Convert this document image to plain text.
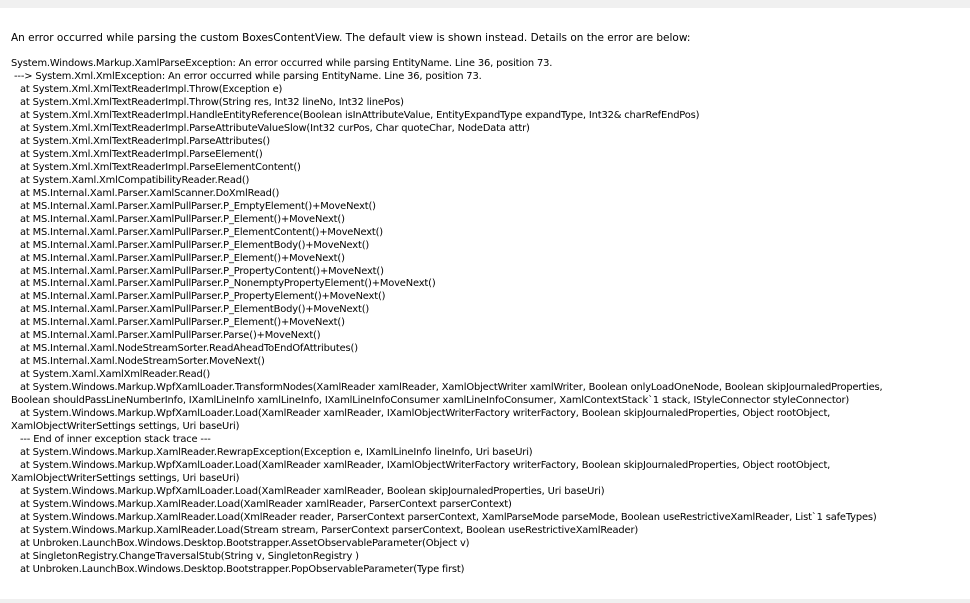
An error occurred while parsing the custom BoxesContentView. The default view is shown instead. Details on the error are below:
System.Windows.Markup.XamlParseException: An error occurred while parsing EntityName. Line 36, position 73.
---> System.Xml.XmlException: An error occurred while parsing EntityName. Line 36, position 73.
at System.Xml.XmlTextReaderImpl.Throw(Exception e)
at System.Xml.XmlTextReaderImpl.Throw(String res, Int32 lineNo, Int32 linePos)
at System.Xml.XmlTextReaderImpl.HandleEntityReference(Boolean isInAttributeValue, EntityExpandType expandType, Int32& charRefEndPos)
at System.Xml.XmlTextReaderImpl.ParseAttributeValueSlow(Int32 curPos, Char quoteChar, NodeData attr)
at System.Xml.XmlTextReaderImpl.ParseAttributes()
at System.Xml.XmlTextReaderImpl.ParseElement()
at System.Xml.XmlTextReaderImpl.ParseElementContent()
at System.Xaml.XmlCompatibilityReader.Read()
at MS.Internal.Xaml.Parser.XamlScanner.DoXmlRead()
at MS.Internal.Xaml.Parser.XamlPullParser.P_EmptyElement()+MoveNext()
at MS.Internal.Xaml.Parser.XamlPullParser.P_Element()+MoveNext()
at MS.Internal.Xaml.Parser.XamlPullParser.P_ElementContent()+MoveNext()
at MS.Internal.Xaml.Parser.XamlPullParser.P_ElementBody()+MoveNext()
at MS.Internal.Xaml.Parser.XamlPullParser.P_Element()+MoveNext()
at MS.Internal.Xaml.Parser.XamlPullParser.P_PropertyContent()+MoveNext()
at MS.Internal.Xaml.Parser.XamlPullParser.P_NonemptyPropertyElement()+MoveNext()
at MS.Internal.Xaml.Parser.XamlPullParser.P_PropertyElement()+MoveNext()
at MS.Internal.Xaml.Parser.XamlPullParser.P_ElementBody()+MoveNext()
at MS.Internal.Xaml.Parser.XamlPullParser.P_Element()+MoveNext()
at MS.Internal.Xaml.Parser.XamlPullParser.Parse()+MoveNext()
at MS.Internal.Xaml.NodeStreamSorter.ReadAheadToEndOfAttributes()
at MS.Internal.Xaml.NodeStreamSorter.MoveNext()
at System.Xaml.XamlXmlReader.Read()
at System.Windows.Markup.WpfXamlLoader.TransformNodes(XamlReader xamlReader, XamlObjectWriter xamlWriter, Boolean onlyLoadOneNode, Boolean skipJournaledProperties,
Boolean shouldPassLineNumberInfo, IXamlLineInfo xamlLineInfo, IXamlLineInfoConsumer xamlLineInfoConsumer, XamlContextStack`1 stack, IStyleConnector styleConnector)
at System.Windows.Markup.WpfXamlLoader.Load(XamlReader xamlReader, IXamlObjectWriterFactory writerFactory, Boolean skipJournaledProperties, Object rootObject,
XamlObjectWriterSettings settings, Uri baseUri)
--- End of inner exception stack trace ---
at System.Windows.Markup.XamlReader.RewrapException(Exception e, IXamlLineInfo lineInfo, Uri baseUri)
at System.Windows.Markup.WpfXamlLoader.Load(XamlReader xamlReader, IXamlObjectWriterFactory writerFactory, Boolean skipJournaledProperties, Object rootObject,
XamlObjectWriterSettings settings, Uri baseUri)
at System.Windows.Markup.WpfXamlLoader.Load(XamlReader xamlReader, Boolean skipJournaledProperties, Uri baseUri)
at System.Windows.Markup.XamlReader.Load(XamlReader xamlReader, ParserContext parserContext)
at System.Windows.Markup.XamlReader.Load(XmlReader reader, ParserContext parserContext, XamlParseMode parseMode, Boolean useRestrictiveXamlReader, List`1 safeTypes)
at System.Windows.Markup.XamlReader.Load(Stream stream, ParserContext parserContext, Boolean useRestrictiveXamlReader)
at Unbroken.LaunchBox.Windows.Desktop.Bootstrapper.AssetObservableParameter(Object v)
at SingletonRegistry.ChangeTraversalStub(String v, SingletonRegistry )
at Unbroken.LaunchBox.Windows.Desktop.Bootstrapper.PopObservableParameter(Type first)
